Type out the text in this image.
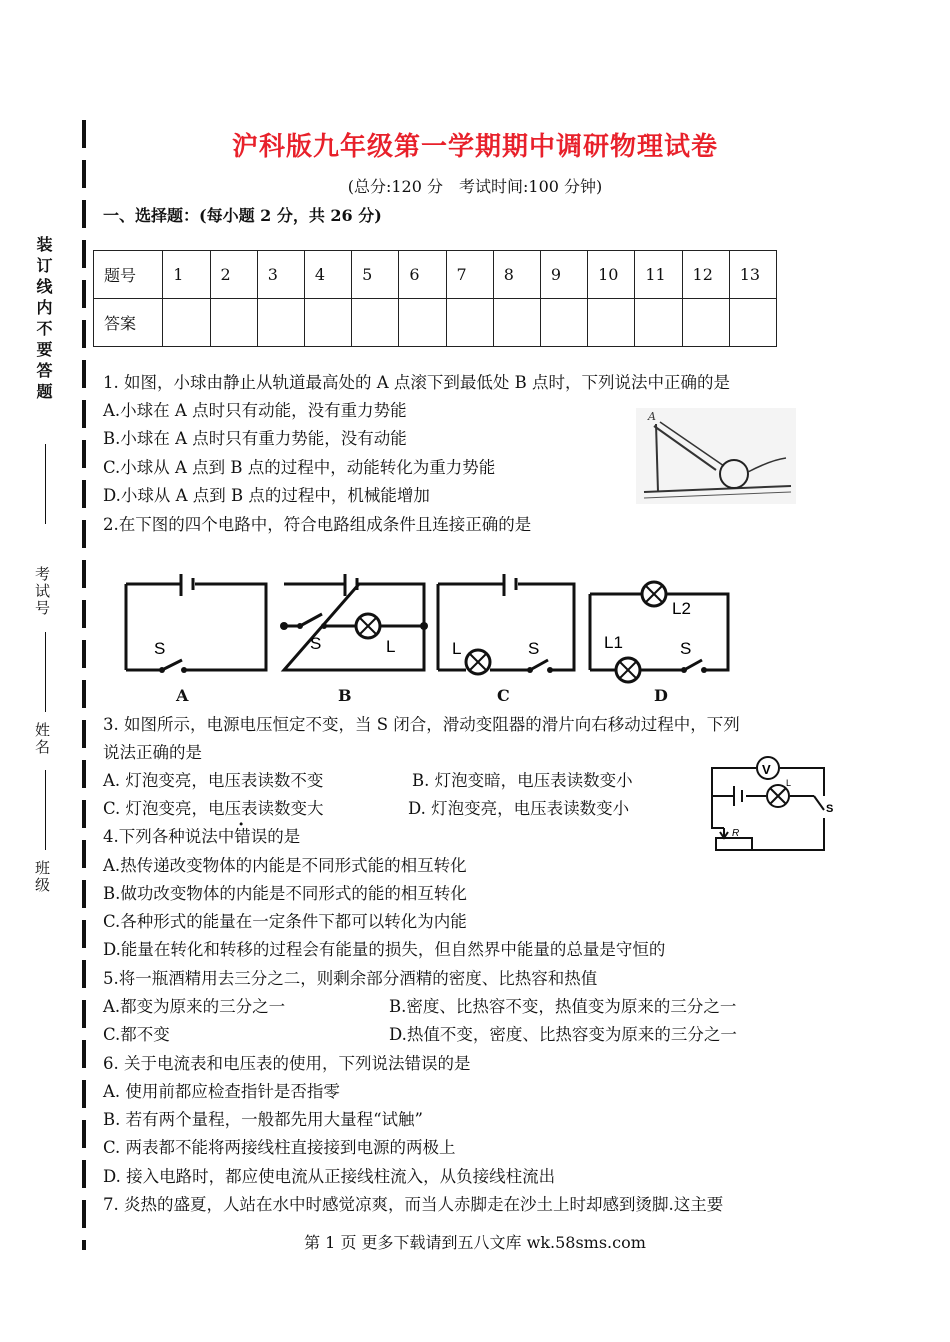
装订线内不要答题
考试号
姓名
班级
沪科版九年级第一学期期中调研物理试卷
(总分:120 分　考试时间:100 分钟)
一、选择题：(每小题 2 分，共 26 分)
题号	1	2	3	4	5	6	7	8	9	10	11	12	13
答案													
1. 如图，小球由静止从轨道最高处的 A 点滚下到最低处 B 点时，下列说法中正确的是
A.小球在 A 点时只有动能，没有重力势能
B.小球在 A 点时只有重力势能，没有动能
C.小球从 A 点到 B 点的过程中，动能转化为重力势能
D.小球从 A 点到 B 点的过程中，机械能增加
A
2.在下图的四个电路中，符合电路组成条件且连接正确的是
S	S	L	L	S
L2
L1	S
A	B	C	D
3. 如图所示，电源电压恒定不变，当 S 闭合，滑动变阻器的滑片向右移动过程中，下列
说法正确的是
A. 灯泡变亮，电压表读数不变	B. 灯泡变暗，电压表读数变小
C. 灯泡变亮，电压表读数变大	D. 灯泡变亮，电压表读数变小
V
L
S
R
4.下列各种说法中错误的是
A.热传递改变物体的内能是不同形式能的相互转化
B.做功改变物体的内能是不同形式的能的相互转化
C.各种形式的能量在一定条件下都可以转化为内能
D.能量在转化和转移的过程会有能量的损失，但自然界中能量的总量是守恒的
5.将一瓶酒精用去三分之二，则剩余部分酒精的密度、比热容和热值
A.都变为原来的三分之一	B.密度、比热容不变，热值变为原来的三分之一
C.都不变	D.热值不变，密度、比热容变为原来的三分之一
6. 关于电流表和电压表的使用，下列说法错误的是
A. 使用前都应检查指针是否指零
B. 若有两个量程，一般都先用大量程“试触”
C. 两表都不能将两接线柱直接接到电源的两极上
D. 接入电路时，都应使电流从正接线柱流入，从负接线柱流出
7. 炎热的盛夏，人站在水中时感觉凉爽，而当人赤脚走在沙土上时却感到烫脚.这主要
第 1 页 更多下载请到五八文库 wk.58sms.com
